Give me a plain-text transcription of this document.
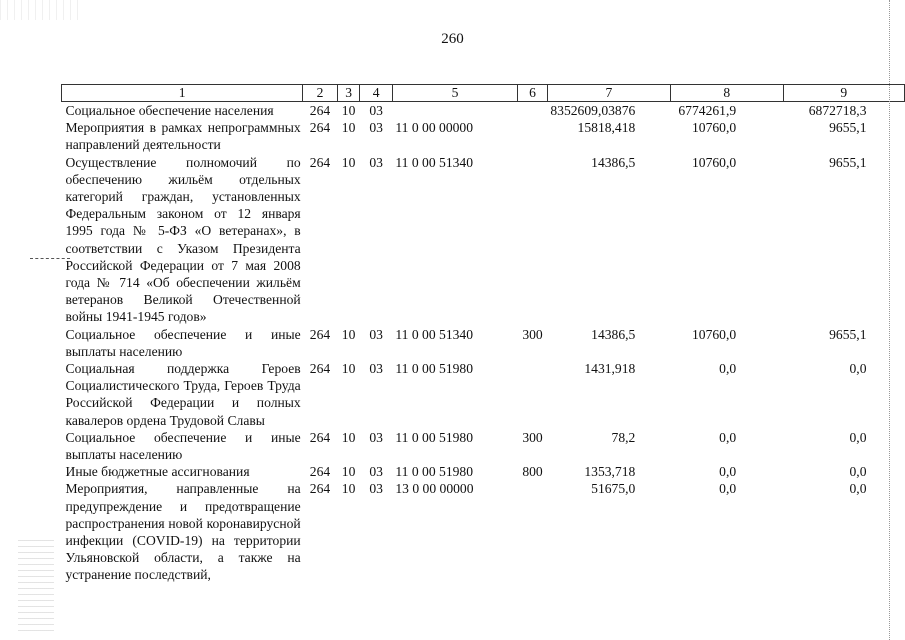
260
1	2	3	4	5	6	7	8	9
Социальное обеспечение населения	264	10	03			8352609,03876	6774261,9	6872718,3
Мероприятия в рамках непрограммных направлений деятельности	264	10	03	11 0 00 00000		15818,418	10760,0	9655,1
Осуществление полномочий по обеспечению жильём отдельных категорий граждан, установленных Федеральным законом от 12 января 1995 года № 5-ФЗ «О ветеранах», в соответствии с Указом Президента Российской Федерации от 7 мая 2008 года № 714 «Об обеспечении жильём ветеранов Великой Отечественной войны 1941-1945 годов»	264	10	03	11 0 00 51340		14386,5	10760,0	9655,1
Социальное обеспечение и иные выплаты населению	264	10	03	11 0 00 51340	300	14386,5	10760,0	9655,1
Социальная поддержка Героев Социалистического Труда, Героев Труда Российской Федерации и полных кавалеров ордена Трудовой Славы	264	10	03	11 0 00 51980		1431,918	0,0	0,0
Социальное обеспечение и иные выплаты населению	264	10	03	11 0 00 51980	300	78,2	0,0	0,0
Иные бюджетные ассигнования	264	10	03	11 0 00 51980	800	1353,718	0,0	0,0
Мероприятия, направленные на предупреждение и предотвращение распространения новой коронавирусной инфекции (COVID-19) на территории Ульяновской области, а также на устранение последствий,	264	10	03	13 0 00 00000		51675,0	0,0	0,0
